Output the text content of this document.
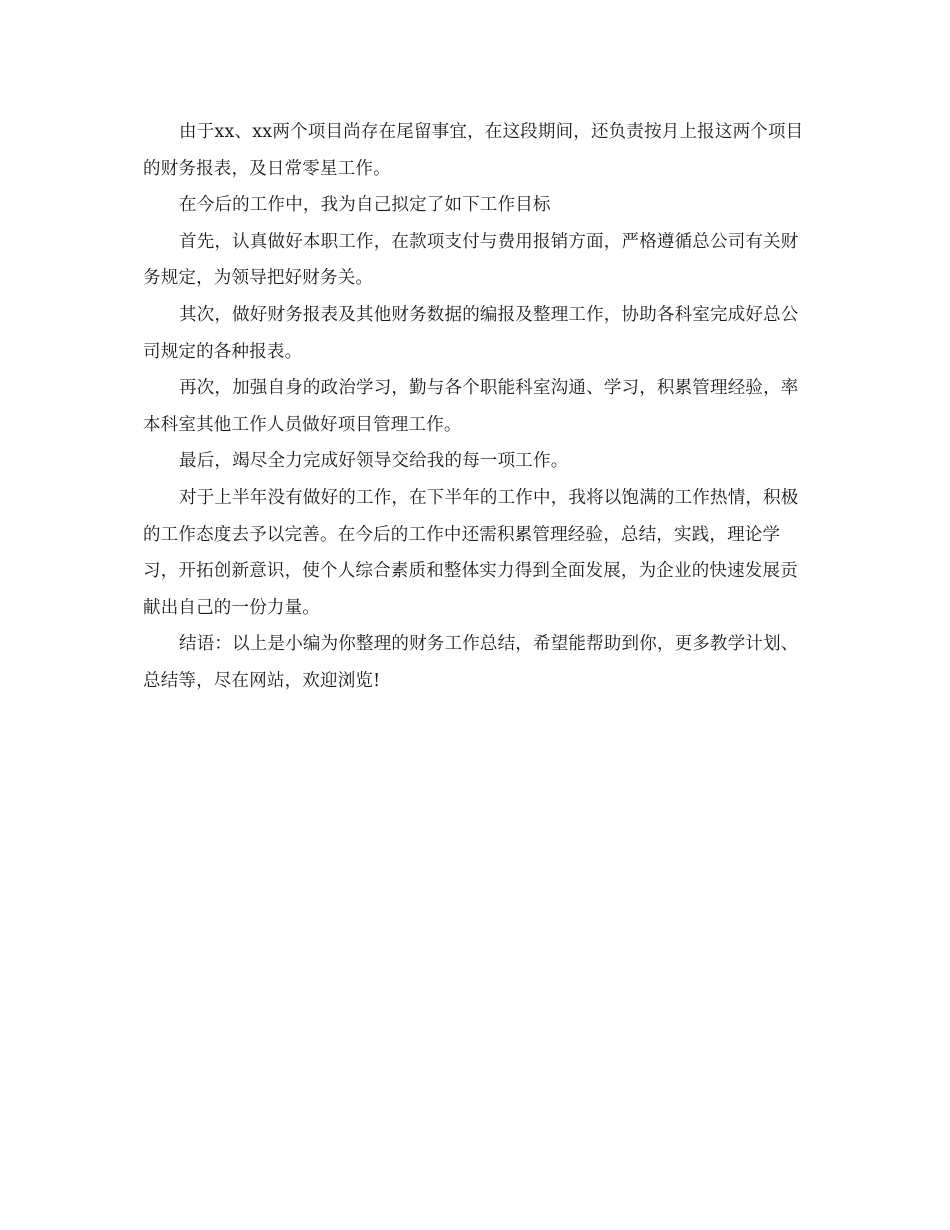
由于xx、xx两个项目尚存在尾留事宜，在这段期间，还负责按月上报这两个项目的财务报表，及日常零星工作。

在今后的工作中，我为自己拟定了如下工作目标

首先，认真做好本职工作，在款项支付与费用报销方面，严格遵循总公司有关财务规定，为领导把好财务关。

其次，做好财务报表及其他财务数据的编报及整理工作，协助各科室完成好总公司规定的各种报表。

再次，加强自身的政治学习，勤与各个职能科室沟通、学习，积累管理经验，率本科室其他工作人员做好项目管理工作。

最后，竭尽全力完成好领导交给我的每一项工作。

对于上半年没有做好的工作，在下半年的工作中，我将以饱满的工作热情，积极的工作态度去予以完善。在今后的工作中还需积累管理经验，总结，实践，理论学习，开拓创新意识，使个人综合素质和整体实力得到全面发展，为企业的快速发展贡献出自己的一份力量。

结语：以上是小编为你整理的财务工作总结，希望能帮助到你，更多教学计划、总结等，尽在网站，欢迎浏览!
